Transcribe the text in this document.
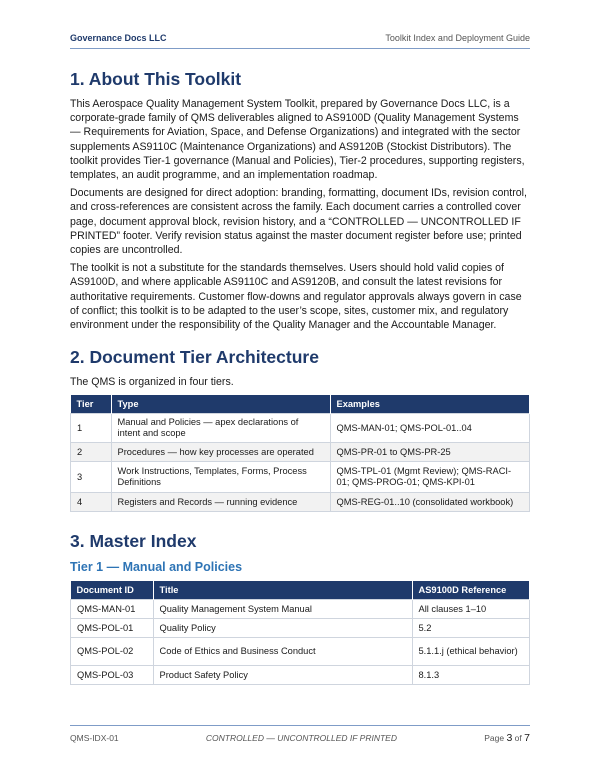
Governance Docs LLC	Toolkit Index and Deployment Guide
1. About This Toolkit

This Aerospace Quality Management System Toolkit, prepared by Governance Docs LLC, is a corporate-grade family of QMS deliverables aligned to AS9100D (Quality Management Systems — Requirements for Aviation, Space, and Defense Organizations) and integrated with the sector supplements AS9110C (Maintenance Organizations) and AS9120B (Stockist Distributors). The toolkit provides Tier-1 governance (Manual and Policies), Tier-2 procedures, supporting registers, templates, an audit programme, and an implementation roadmap.

Documents are designed for direct adoption: branding, formatting, document IDs, revision control, and cross-references are consistent across the family. Each document carries a controlled cover page, document approval block, revision history, and a “CONTROLLED — UNCONTROLLED IF PRINTED” footer. Verify revision status against the master document register before use; printed copies are uncontrolled.

The toolkit is not a substitute for the standards themselves. Users should hold valid copies of AS9100D, and where applicable AS9110C and AS9120B, and consult the latest revisions for authoritative requirements. Customer flow-downs and regulator approvals always govern in case of conflict; this toolkit is to be adapted to the user’s scope, sites, customer mix, and regulatory environment under the responsibility of the Quality Manager and the Accountable Manager.

2. Document Tier Architecture

The QMS is organized in four tiers.

Tier	Type	Examples
1	Manual and Policies — apex declarations of intent and scope	QMS-MAN-01; QMS-POL-01..04
2	Procedures — how key processes are operated	QMS-PR-01 to QMS-PR-25
3	Work Instructions, Templates, Forms, Process Definitions	QMS-TPL-01 (Mgmt Review); QMS-RACI-01; QMS-PROG-01; QMS-KPI-01
4	Registers and Records — running evidence	QMS-REG-01..10 (consolidated workbook)
3. Master Index
Tier 1 — Manual and Policies
Document ID	Title	AS9100D Reference
QMS-MAN-01	Quality Management System Manual	All clauses 1–10
QMS-POL-01	Quality Policy	5.2
QMS-POL-02	Code of Ethics and Business Conduct	5.1.1.j (ethical behavior)
QMS-POL-03	Product Safety Policy	8.1.3
QMS-IDX-01	CONTROLLED — UNCONTROLLED IF PRINTED	Page 3 of 7
